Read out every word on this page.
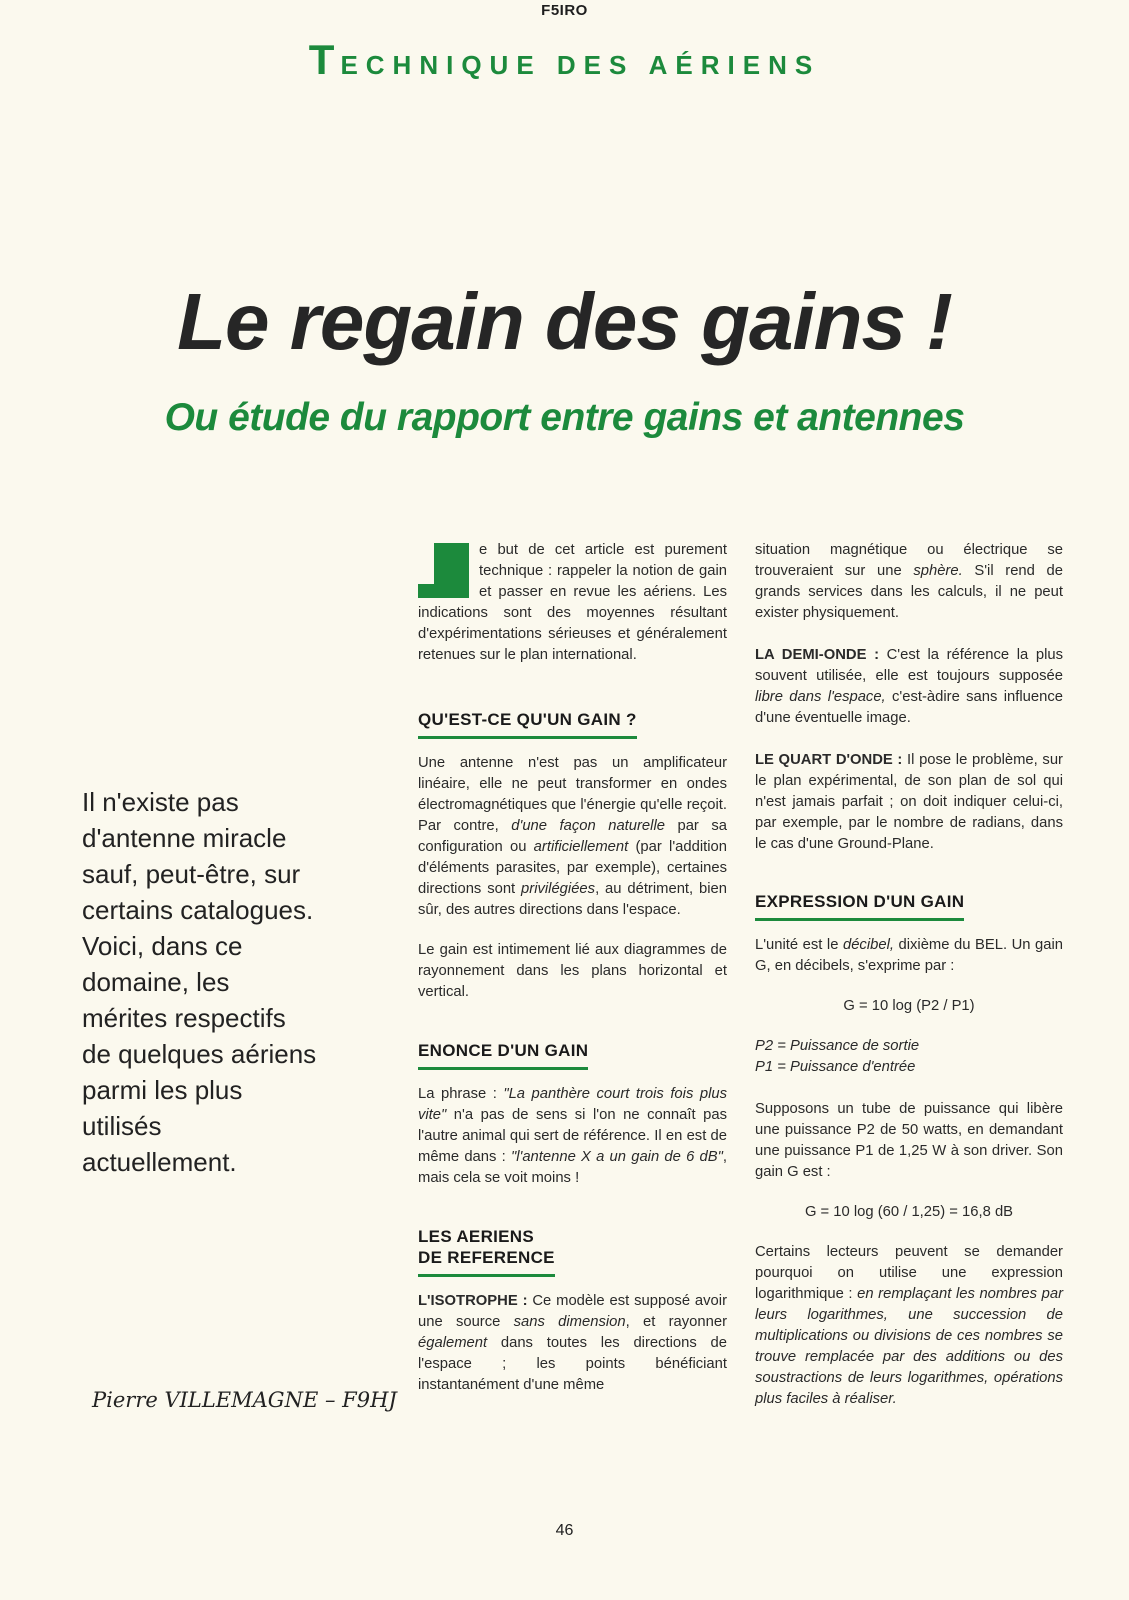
F5IRO
TECHNIQUE DES AÉRIENS
Le regain des gains !
Ou étude du rapport entre gains et antennes

Il n'existe pas

d'antenne miracle

sauf, peut-être, sur

certains catalogues.

Voici, dans ce

domaine, les

mérites respectifs

de quelques aériens

parmi les plus

utilisés

actuellement.

Pierre VILLEMAGNE – F9HJ

e but de cet article est purement technique : rappeler la notion de gain et passer en revue les aériens. Les indications sont des moyennes résultant d'expérimentations sérieuses et généralement retenues sur le plan international.

QU'EST-CE QU'UN GAIN ?

Une antenne n'est pas un amplificateur linéaire, elle ne peut transformer en ondes électromagnétiques que l'énergie qu'elle reçoit. Par contre, d'une façon naturelle par sa configuration ou artificiellement (par l'addition d'éléments parasites, par exemple), certaines directions sont privilégiées, au détriment, bien sûr, des autres directions dans l'espace.

Le gain est intimement lié aux diagrammes de rayonnement dans les plans horizontal et vertical.

ENONCE D'UN GAIN

La phrase : "La panthère court trois fois plus vite" n'a pas de sens si l'on ne connaît pas l'autre animal qui sert de référence. Il en est de même dans : "l'antenne X a un gain de 6 dB", mais cela se voit moins !

LES AERIENS
DE REFERENCE

L'ISOTROPHE : Ce modèle est supposé avoir une source sans dimension, et rayonner également dans toutes les directions de l'espace ; les points bénéficiant instantanément d'une même

situation magnétique ou électrique se trouveraient sur une sphère. S'il rend de grands services dans les calculs, il ne peut exister physiquement.

LA DEMI-ONDE : C'est la référence la plus souvent utilisée, elle est toujours supposée libre dans l'espace, c'est-àdire sans influence d'une éventuelle image.

LE QUART D'ONDE : Il pose le problème, sur le plan expérimental, de son plan de sol qui n'est jamais parfait ; on doit indiquer celui-ci, par exemple, par le nombre de radians, dans le cas d'une Ground-Plane.

EXPRESSION D'UN GAIN

L'unité est le décibel, dixième du BEL. Un gain G, en décibels, s'exprime par :

G = 10 log (P2 / P1)

P2 = Puissance de sortie

P1 = Puissance d'entrée

Supposons un tube de puissance qui libère une puissance P2 de 50 watts, en demandant une puissance P1 de 1,25 W à son driver. Son gain G est :

G = 10 log (60 / 1,25) = 16,8 dB

Certains lecteurs peuvent se demander pourquoi on utilise une expression logarithmique : en remplaçant les nombres par leurs logarithmes, une succession de multiplications ou divisions de ces nombres se trouve remplacée par des additions ou des soustractions de leurs logarithmes, opérations plus faciles à réaliser.

46
